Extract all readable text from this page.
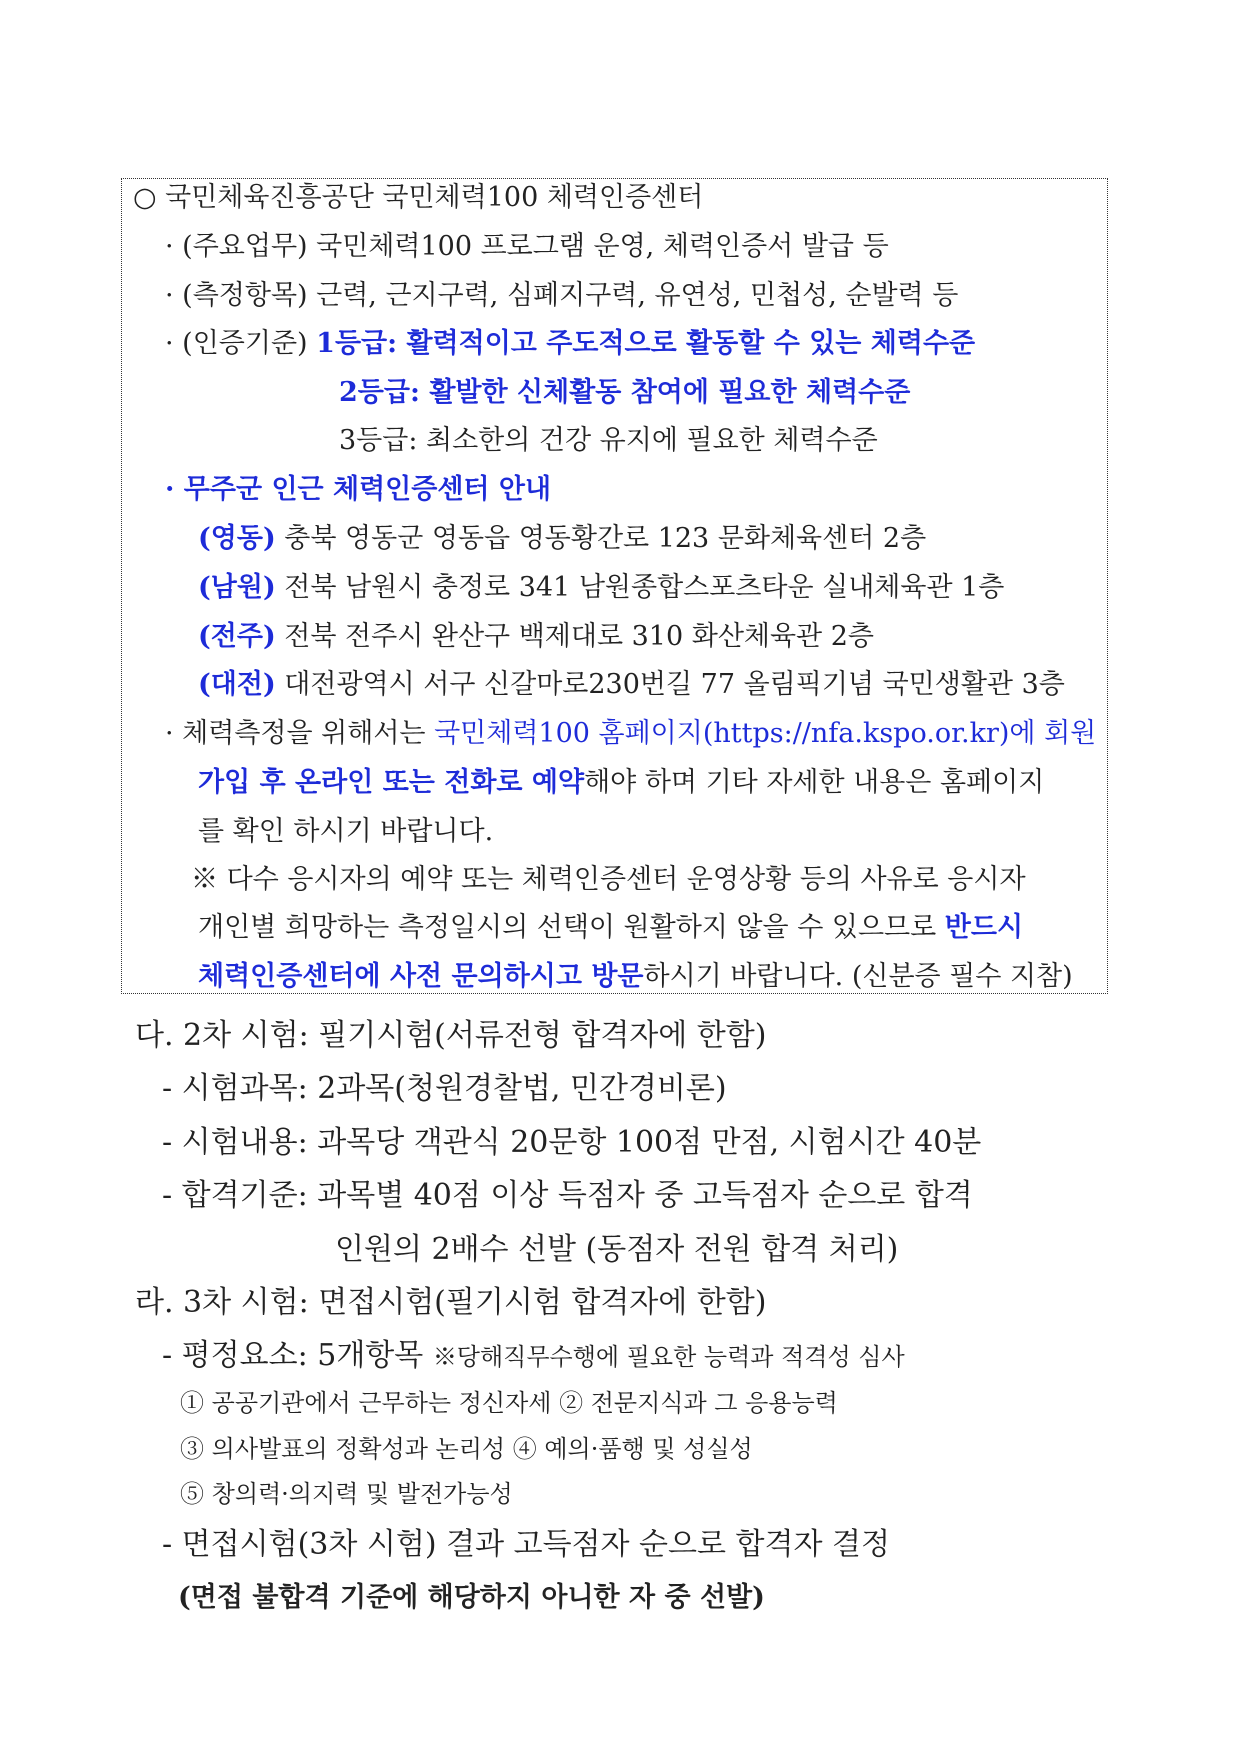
○ 국민체육진흥공단 국민체력100 체력인증센터
· (주요업무) 국민체력100 프로그램 운영, 체력인증서 발급 등
· (측정항목) 근력, 근지구력, 심폐지구력, 유연성, 민첩성, 순발력 등
· (인증기준) 1등급: 활력적이고 주도적으로 활동할 수 있는 체력수준
2등급: 활발한 신체활동 참여에 필요한 체력수준
3등급: 최소한의 건강 유지에 필요한 체력수준
· 무주군 인근 체력인증센터 안내
(영동) 충북 영동군 영동읍 영동황간로 123 문화체육센터 2층
(남원) 전북 남원시 충정로 341 남원종합스포츠타운 실내체육관 1층
(전주) 전북 전주시 완산구 백제대로 310 화산체육관 2층
(대전) 대전광역시 서구 신갈마로230번길 77 올림픽기념 국민생활관 3층
· 체력측정을 위해서는 국민체력100 홈페이지(https://nfa.kspo.or.kr)에 회원
가입 후 온라인 또는 전화로 예약해야 하며 기타 자세한 내용은 홈페이지
를 확인 하시기 바랍니다.
※ 다수 응시자의 예약 또는 체력인증센터 운영상황 등의 사유로 응시자
개인별 희망하는 측정일시의 선택이 원활하지 않을 수 있으므로 반드시
체력인증센터에 사전 문의하시고 방문하시기 바랍니다. (신분증 필수 지참)
다. 2차 시험: 필기시험(서류전형 합격자에 한함)
- 시험과목: 2과목(청원경찰법, 민간경비론)
- 시험내용: 과목당 객관식 20문항 100점 만점, 시험시간 40분
- 합격기준: 과목별 40점 이상 득점자 중 고득점자 순으로 합격
인원의 2배수 선발 (동점자 전원 합격 처리)
라. 3차 시험: 면접시험(필기시험 합격자에 한함)
- 평정요소: 5개항목 ※당해직무수행에 필요한 능력과 적격성 심사
① 공공기관에서 근무하는 정신자세 ② 전문지식과 그 응용능력
③ 의사발표의 정확성과 논리성 ④ 예의·품행 및 성실성
⑤ 창의력·의지력 및 발전가능성
- 면접시험(3차 시험) 결과 고득점자 순으로 합격자 결정
(면접 불합격 기준에 해당하지 아니한 자 중 선발)
